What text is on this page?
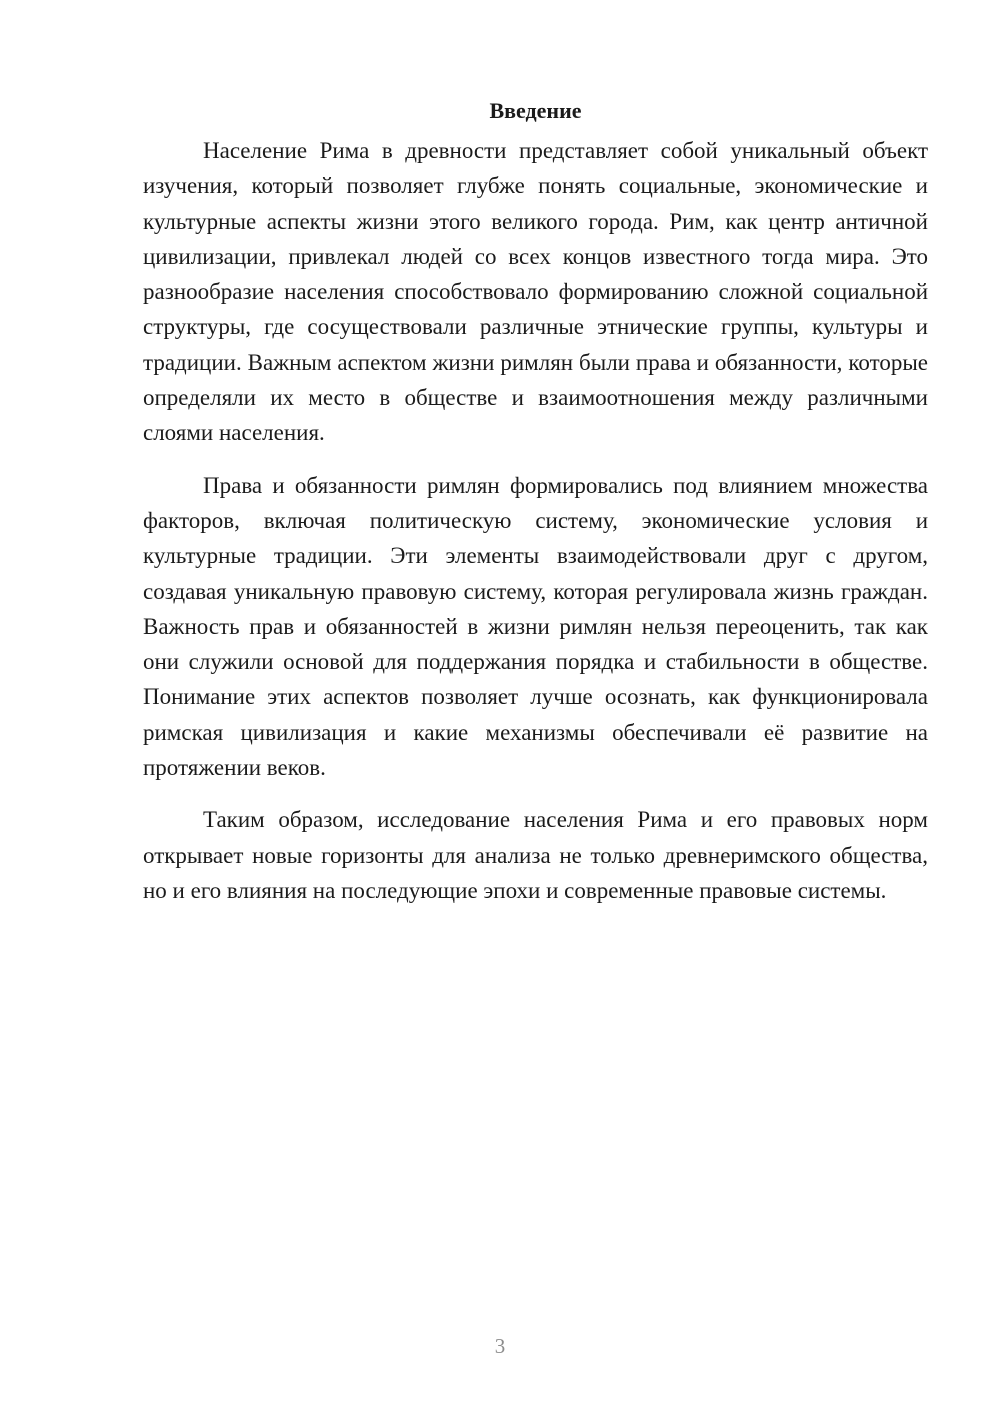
Введение

Население Рима в древности представляет собой уникальный объект изучения, который позволяет глубже понять социальные, экономические и культурные аспекты жизни этого великого города. Рим, как центр античной цивилизации, привлекал людей со всех концов известного тогда мира. Это разнообразие населения способствовало формированию сложной социальной структуры, где сосуществовали различные этнические группы, культуры и традиции. Важным аспектом жизни римлян были права и обязанности, которые определяли их место в обществе и взаимоотношения между различными слоями населения.

Права и обязанности римлян формировались под влиянием множества факторов, включая политическую систему, экономические условия и культурные традиции. Эти элементы взаимодействовали друг с другом, создавая уникальную правовую систему, которая регулировала жизнь граждан. Важность прав и обязанностей в жизни римлян нельзя переоценить, так как они служили основой для поддержания порядка и стабильности в обществе. Понимание этих аспектов позволяет лучше осознать, как функционировала римская цивилизация и какие механизмы обеспечивали её развитие на протяжении веков.

Таким образом, исследование населения Рима и его правовых норм открывает новые горизонты для анализа не только древнеримского общества, но и его влияния на последующие эпохи и современные правовые системы.

3
